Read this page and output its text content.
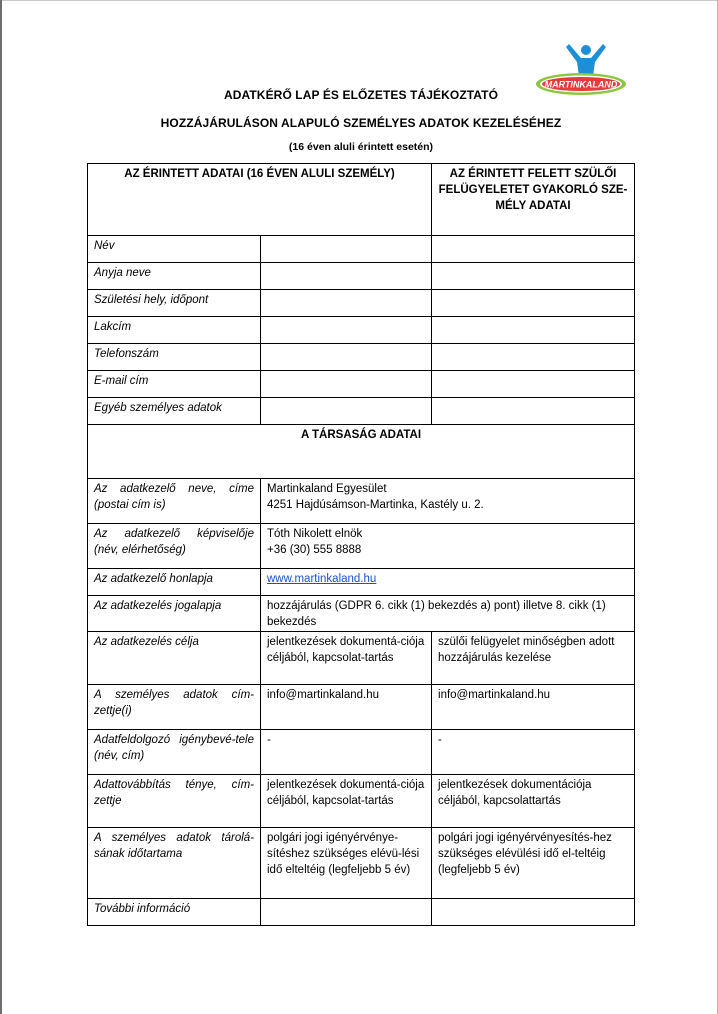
MARTINKALAND
ADATKÉRŐ LAP ÉS ELŐZETES TÁJÉKOZTATÓ
HOZZÁJÁRULÁSON ALAPULÓ SZEMÉLYES ADATOK KEZELÉSÉHEZ
(16 éven aluli érintett esetén)
AZ ÉRINTETT ADATAI (16 ÉVEN ALULI SZEMÉLY)		AZ ÉRINTETT FELETT SZÜLŐI FELÜGYELETET GYAKORLÓ SZE-MÉLY ADATAI
Név		
Anyja neve		
Születési hely, időpont		
Lakcím		
Telefonszám		
E-mail cím		
Egyéb személyes adatok		
A TÁRSASÁG ADATAI		
Az adatkezelő neve, címe (postai cím is)	Martinkaland Egyesület
4251 Hajdúsámson-Martinka, Kastély u. 2.	

Az adatkezelő képviselője (név, elérhetőség)	Tóth Nikolett elnök
+36 (30) 555 8888	

Az adatkezelő honlapja	www.martinkaland.hu	
Az adatkezelés jogalapja	hozzájárulás (GDPR 6. cikk (1) bekezdés a) pont) illetve 8. cikk (1) bekezdés	
Az adatkezelés célja	jelentkezések dokumentá-ciója céljából, kapcsolat-tartás	szülői felügyelet minőségben adott hozzájárulás kezelése
A személyes adatok cím-zettje(i)	info@martinkaland.hu	info@martinkaland.hu
Adatfeldolgozó igénybevé-tele (név, cím)	-	-
Adattovábbítás ténye, cím-zettje	jelentkezések dokumentá-ciója céljából, kapcsolat-tartás	jelentkezések dokumentációja céljából, kapcsolattartás
A személyes adatok tárolá-sának időtartama	polgári jogi igényérvénye-sítéshez szükséges elévü-lési idő elteltéig (legfeljebb 5 év)	polgári jogi igényérvényesítés-hez szükséges elévülési idő el-teltéig (legfeljebb 5 év)
További információ		
